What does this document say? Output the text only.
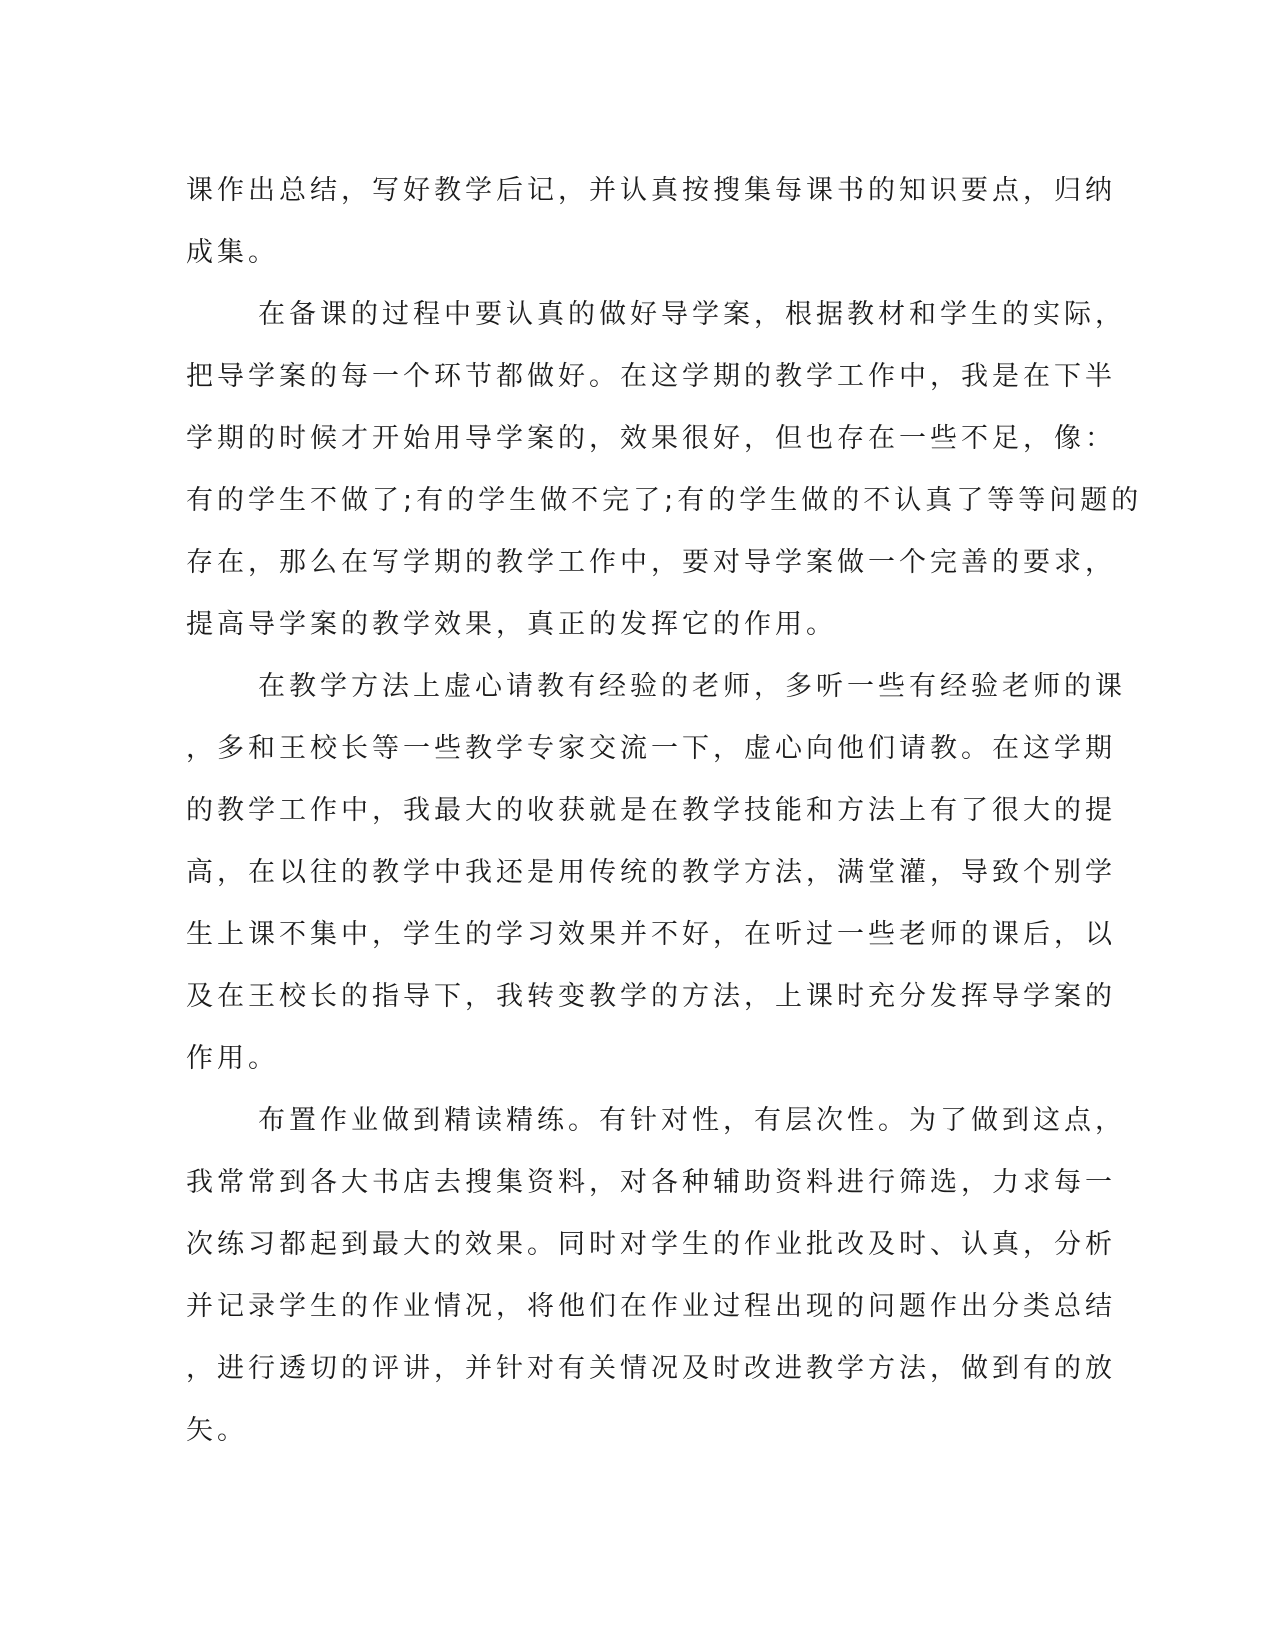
课作出总结，写好教学后记，并认真按搜集每课书的知识要点，归纳
成集。
在备课的过程中要认真的做好导学案，根据教材和学生的实际，
把导学案的每一个环节都做好。在这学期的教学工作中，我是在下半
学期的时候才开始用导学案的，效果很好，但也存在一些不足，像：
有的学生不做了;有的学生做不完了;有的学生做的不认真了等等问题的
存在，那么在写学期的教学工作中，要对导学案做一个完善的要求，
提高导学案的教学效果，真正的发挥它的作用。
在教学方法上虚心请教有经验的老师，多听一些有经验老师的课
，多和王校长等一些教学专家交流一下，虚心向他们请教。在这学期
的教学工作中，我最大的收获就是在教学技能和方法上有了很大的提
高，在以往的教学中我还是用传统的教学方法，满堂灌，导致个别学
生上课不集中，学生的学习效果并不好，在听过一些老师的课后，以
及在王校长的指导下，我转变教学的方法，上课时充分发挥导学案的
作用。
布置作业做到精读精练。有针对性，有层次性。为了做到这点，
我常常到各大书店去搜集资料，对各种辅助资料进行筛选，力求每一
次练习都起到最大的效果。同时对学生的作业批改及时、认真，分析
并记录学生的作业情况，将他们在作业过程出现的问题作出分类总结
，进行透切的评讲，并针对有关情况及时改进教学方法，做到有的放
矢。
